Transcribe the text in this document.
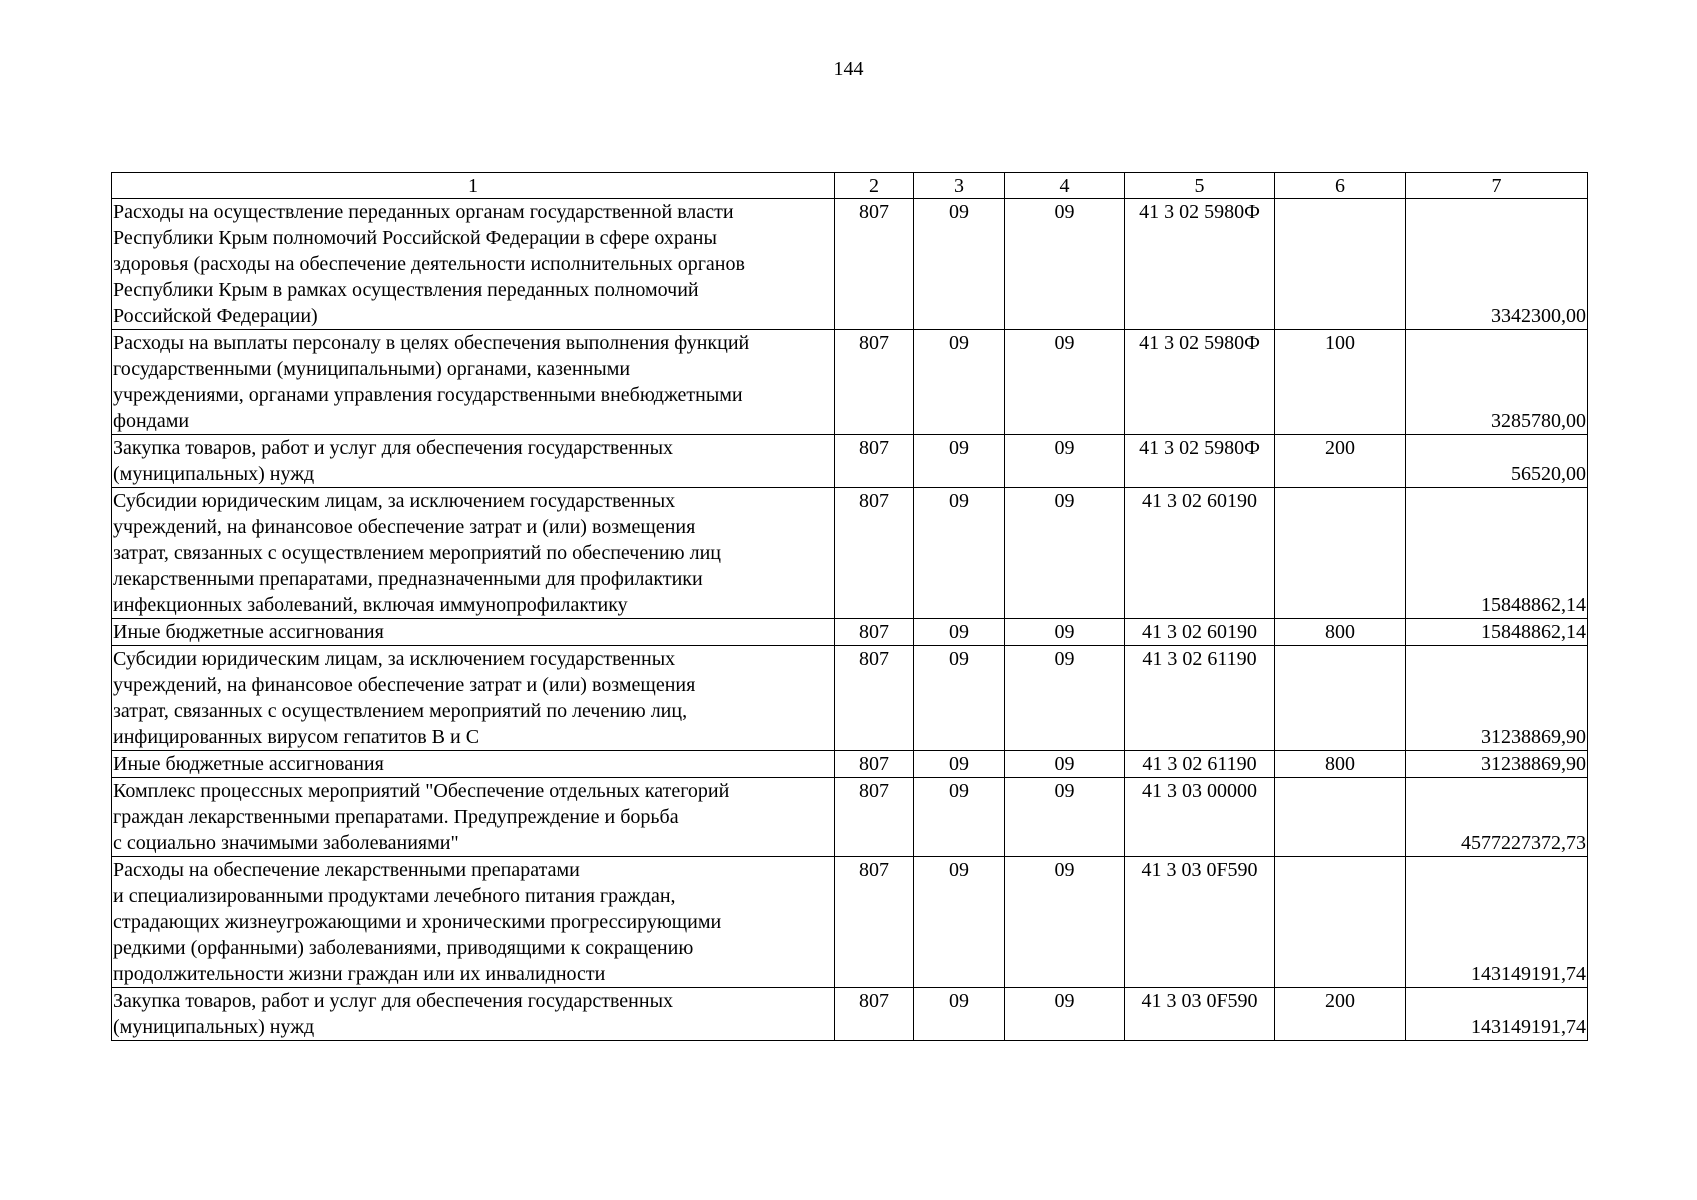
144
1	2	3	4	5	6	7

Расходы на осуществление переданных органам государственной власти
Республики Крым полномочий Российской Федерации в сфере охраны
здоровья (расходы на обеспечение деятельности исполнительных органов
Республики Крым в рамках осуществления переданных полномочий
Российской Федерации)	807	09	09	41 3 02 5980Ф		3342300,00

Расходы на выплаты персоналу в целях обеспечения выполнения функций
государственными (муниципальными) органами, казенными
учреждениями, органами управления государственными внебюджетными
фондами	807	09	09	41 3 02 5980Ф	100	3285780,00

Закупка товаров, работ и услуг для обеспечения государственных
(муниципальных) нужд	807	09	09	41 3 02 5980Ф	200	56520,00

Субсидии юридическим лицам, за исключением государственных
учреждений, на финансовое обеспечение затрат и (или) возмещения
затрат, связанных с осуществлением мероприятий по обеспечению лиц
лекарственными препаратами, предназначенными для профилактики
инфекционных заболеваний, включая иммунопрофилактику	807	09	09	41 3 02 60190		15848862,14

Иные бюджетные ассигнования	807	09	09	41 3 02 60190	800	15848862,14

Субсидии юридическим лицам, за исключением государственных
учреждений, на финансовое обеспечение затрат и (или) возмещения
затрат, связанных с осуществлением мероприятий по лечению лиц,
инфицированных вирусом гепатитов B и C	807	09	09	41 3 02 61190		31238869,90

Иные бюджетные ассигнования	807	09	09	41 3 02 61190	800	31238869,90

Комплекс процессных мероприятий "Обеспечение отдельных категорий
граждан лекарственными препаратами. Предупреждение и борьба
с социально значимыми заболеваниями"	807	09	09	41 3 03 00000		4577227372,73

Расходы на обеспечение лекарственными препаратами
и специализированными продуктами лечебного питания граждан,
страдающих жизнеугрожающими и хроническими прогрессирующими
редкими (орфанными) заболеваниями, приводящими к сокращению
продолжительности жизни граждан или их инвалидности	807	09	09	41 3 03 0F590		143149191,74

Закупка товаров, работ и услуг для обеспечения государственных
(муниципальных) нужд	807	09	09	41 3 03 0F590	200	143149191,74
